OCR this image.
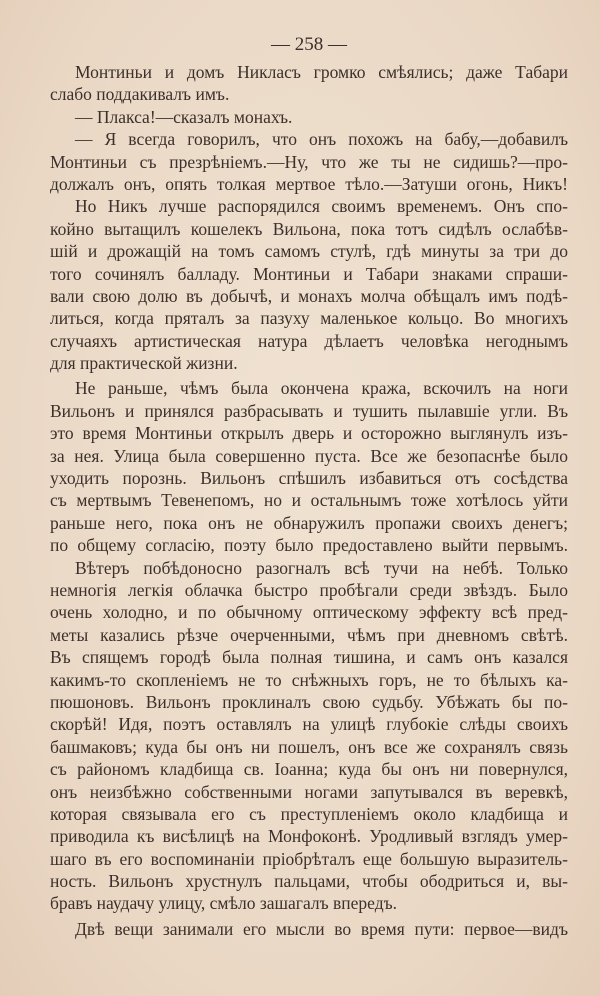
— 258 —
Монтиньи и домъ Никласъ громко смѣялись; даже Табари
слабо поддакивалъ имъ.
— Плакса!—сказалъ монахъ.
— Я всегда говорилъ, что онъ похожъ на бабу,—добавилъ
Монтиньи съ презрѣнiемъ.—Ну, что же ты не сидишь?—про-
должалъ онъ, опять толкая мертвое тѣло.—Затуши огонь, Никъ!
Но Никъ лучше распорядился своимъ временемъ. Онъ спо-
койно вытащилъ кошелекъ Вильона, пока тотъ сидѣлъ ослабѣв-
шiй и дрожащiй на томъ самомъ стулѣ, гдѣ минуты за три до
того сочинялъ балладу. Монтиньи и Табари знаками спраши-
вали свою долю въ добычѣ, и монахъ молча обѣщалъ имъ подѣ-
литься, когда пряталъ за пазуху маленькое кольцо. Во многихъ
случаяхъ артистическая натура дѣлаетъ человѣка негоднымъ
для практической жизни.
Не раньше, чѣмъ была окончена кража, вскочилъ на ноги
Вильонъ и принялся разбрасывать и тушить пылавшiе угли. Въ
это время Монтиньи открылъ дверь и осторожно выглянулъ изъ-
за нея. Улица была совершенно пуста. Все же безопаснѣе было
уходить порознь. Вильонъ спѣшилъ избавиться отъ сосѣдства
съ мертвымъ Тевенепомъ, но и остальнымъ тоже хотѣлось уйти
раньше него, пока онъ не обнаружилъ пропажи своихъ денегъ;
по общему согласiю, поэту было предоставлено выйти первымъ.
Вѣтеръ побѣдоносно разогналъ всѣ тучи на небѣ. Только
немногiя легкiя облачка быстро пробѣгали среди звѣздъ. Было
очень холодно, и по обычному оптическому эффекту всѣ пред-
меты казались рѣзче очерченными, чѣмъ при дневномъ свѣтѣ.
Въ спящемъ городѣ была полная тишина, и самъ онъ казался
какимъ-то скопленiемъ не то снѣжныхъ горъ, не то бѣлыхъ ка-
пюшоновъ. Вильонъ проклиналъ свою судьбу. Убѣжать бы по-
скорѣй! Идя, поэтъ оставлялъ на улицѣ глубокiе слѣды своихъ
башмаковъ; куда бы онъ ни пошелъ, онъ все же сохранялъ связь
съ райономъ кладбища св. Iоанна; куда бы онъ ни повернулся,
онъ неизбѣжно собственными ногами запутывался въ веревкѣ,
которая связывала его съ преступленiемъ около кладбища и
приводила къ висѣлицѣ на Монфоконѣ. Уродливый взглядъ умер-
шаго въ его воспоминанiи прiобрѣталъ еще большую выразитель-
ность. Вильонъ хрустнулъ пальцами, чтобы ободриться и, вы-
бравъ наудачу улицу, смѣло зашагалъ впередъ.
Двѣ вещи занимали его мысли во время пути: первое—видъ
